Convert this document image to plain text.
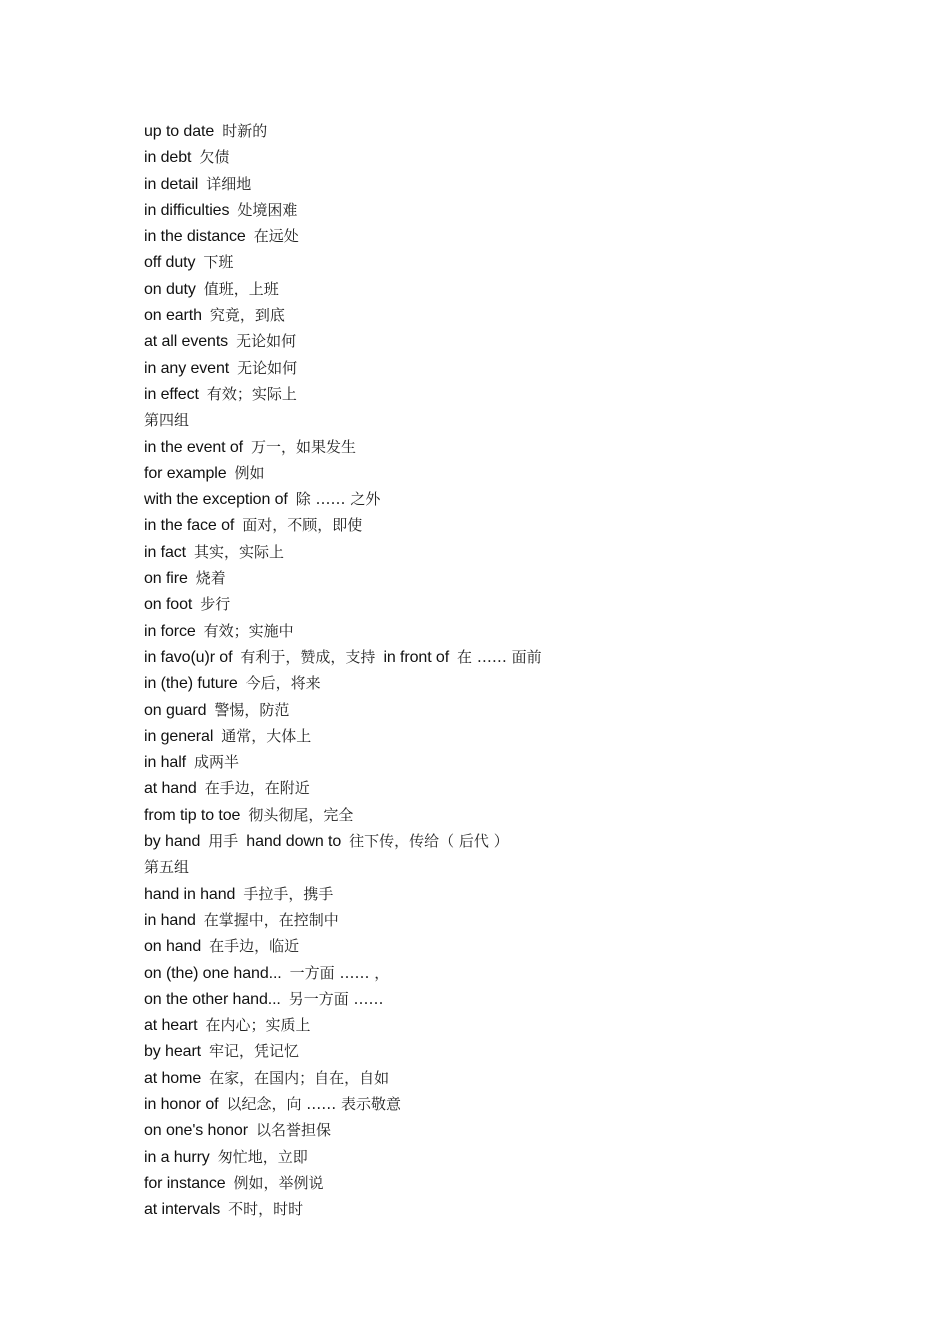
up to date 时新的
in debt 欠债
in detail 详细地
in difficulties 处境困难
in the distance 在远处
off duty 下班
on duty 值班，上班
on earth 究竟，到底
at all events 无论如何
in any event 无论如何
in effect 有效；实际上
第四组
in the event of 万一，如果发生
for example 例如
with the exception of 除 …… 之外
in the face of 面对，不顾，即使
in fact 其实，实际上
on fire 烧着
on foot 步行
in force 有效；实施中
in favo(u)r of 有利于，赞成，支持 in front of 在 …… 面前
in (the) future 今后，将来
on guard 警惕，防范
in general 通常，大体上
in half 成两半
at hand 在手边，在附近
from tip to toe 彻头彻尾，完全
by hand 用手 hand down to 往下传，传给（ 后代 ）
第五组
hand in hand 手拉手，携手
in hand 在掌握中，在控制中
on hand 在手边，临近
on (the) one hand... 一方面 …… ，
on the other hand... 另一方面 ……
at heart 在内心；实质上
by heart 牢记，凭记忆
at home 在家，在国内；自在，自如
in honor of 以纪念，向 …… 表示敬意
on one's honor 以名誉担保
in a hurry 匆忙地，立即
for instance 例如，举例说
at intervals 不时，时时
